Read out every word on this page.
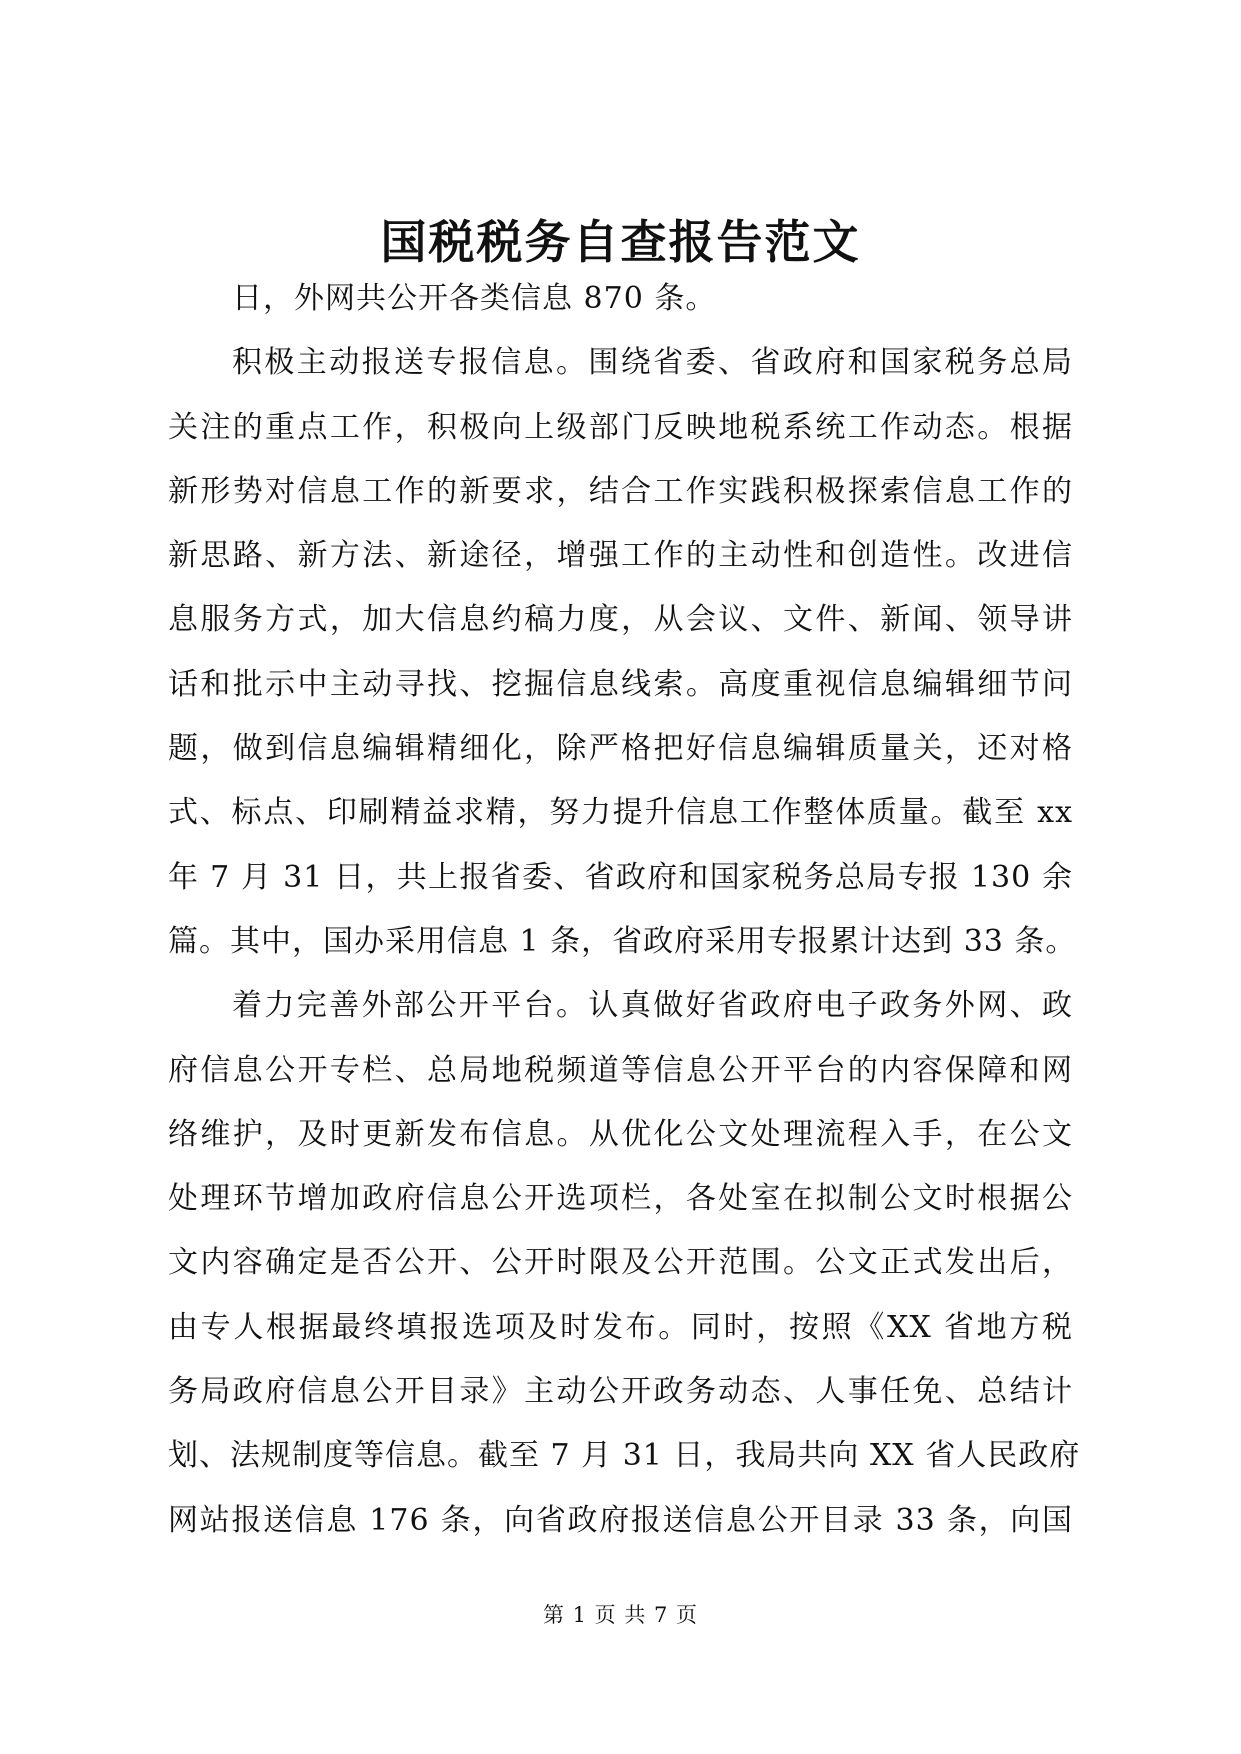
国税税务自查报告范文
日，外网共公开各类信息 870 条。
积极主动报送专报信息。围绕省委、省政府和国家税务总局
关注的重点工作，积极向上级部门反映地税系统工作动态。根据
新形势对信息工作的新要求，结合工作实践积极探索信息工作的
新思路、新方法、新途径，增强工作的主动性和创造性。改进信
息服务方式，加大信息约稿力度，从会议、文件、新闻、领导讲
话和批示中主动寻找、挖掘信息线索。高度重视信息编辑细节问
题，做到信息编辑精细化，除严格把好信息编辑质量关，还对格
式、标点、印刷精益求精，努力提升信息工作整体质量。截至 xx
年 7 月 31 日，共上报省委、省政府和国家税务总局专报 130 余
篇。其中，国办采用信息 1 条，省政府采用专报累计达到 33 条。
着力完善外部公开平台。认真做好省政府电子政务外网、政
府信息公开专栏、总局地税频道等信息公开平台的内容保障和网
络维护，及时更新发布信息。从优化公文处理流程入手，在公文
处理环节增加政府信息公开选项栏，各处室在拟制公文时根据公
文内容确定是否公开、公开时限及公开范围。公文正式发出后，
由专人根据最终填报选项及时发布。同时，按照《XX 省地方税
务局政府信息公开目录》主动公开政务动态、人事任免、总结计
划、法规制度等信息。截至 7 月 31 日，我局共向 XX 省人民政府
网站报送信息 176 条，向省政府报送信息公开目录 33 条，向国
第 1 页 共 7 页
